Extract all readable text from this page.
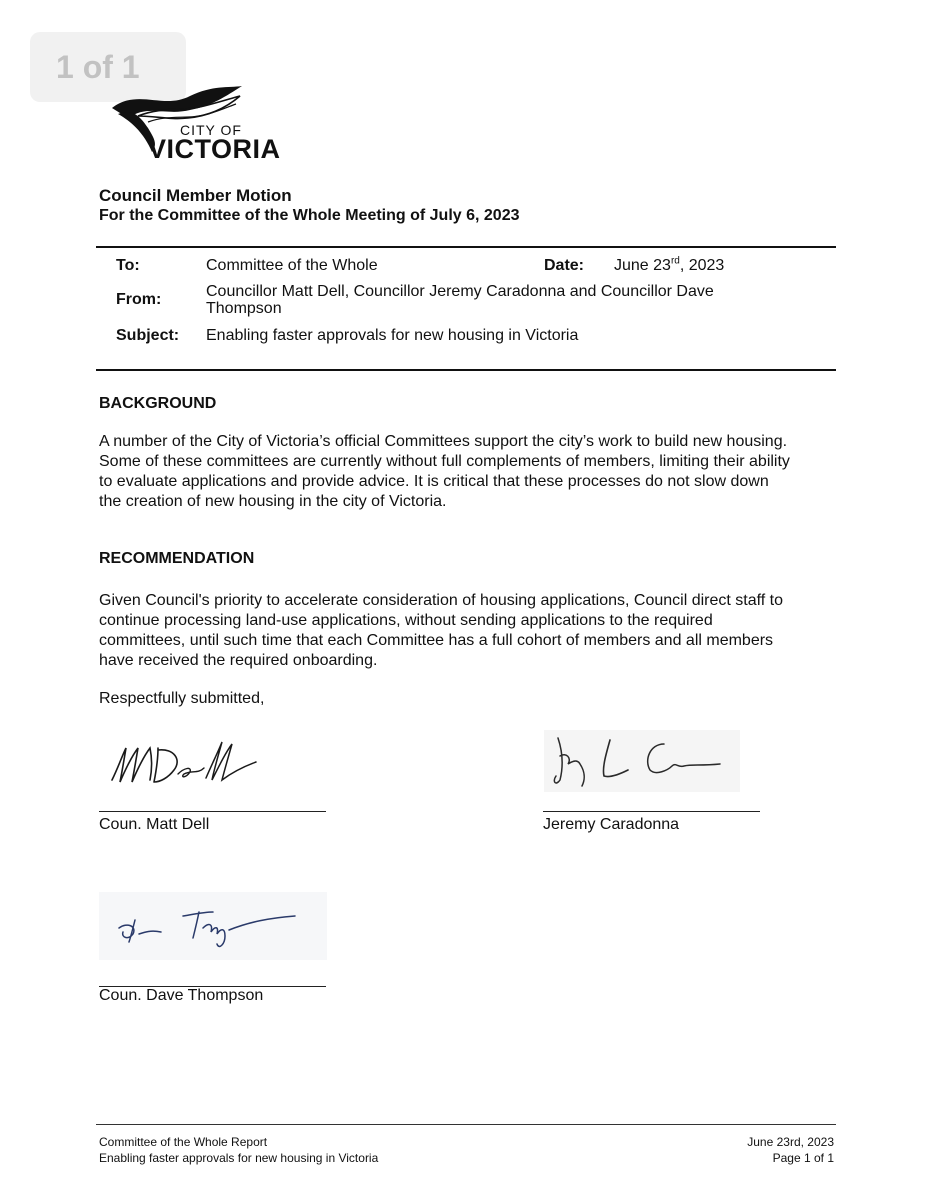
1 of 1
CITY OF
VICTORIA
Council Member Motion
For the Committee of the Whole Meeting of July 6, 2023
To:	Committee of the Whole	Date: June 23rd, 2023
From:	Councillor Matt Dell, Councillor Jeremy Caradonna and Councillor Dave
Thompson
Subject: Enabling faster approvals for new housing in Victoria
BACKGROUND
A number of the City of Victoria’s official Committees support the city’s work to build new housing.
Some of these committees are currently without full complements of members, limiting their ability
to evaluate applications and provide advice. It is critical that these processes do not slow down
the creation of new housing in the city of Victoria.
RECOMMENDATION
Given Council's priority to accelerate consideration of housing applications, Council direct staff to
continue processing land-use applications, without sending applications to the required
committees, until such time that each Committee has a full cohort of members and all members
have received the required onboarding.
Respectfully submitted,
Coun. Matt Dell	Jeremy Caradonna
Coun. Dave Thompson
Committee of the Whole Report
Enabling faster approvals for new housing in Victoria
June 23rd, 2023
Page 1 of 1
